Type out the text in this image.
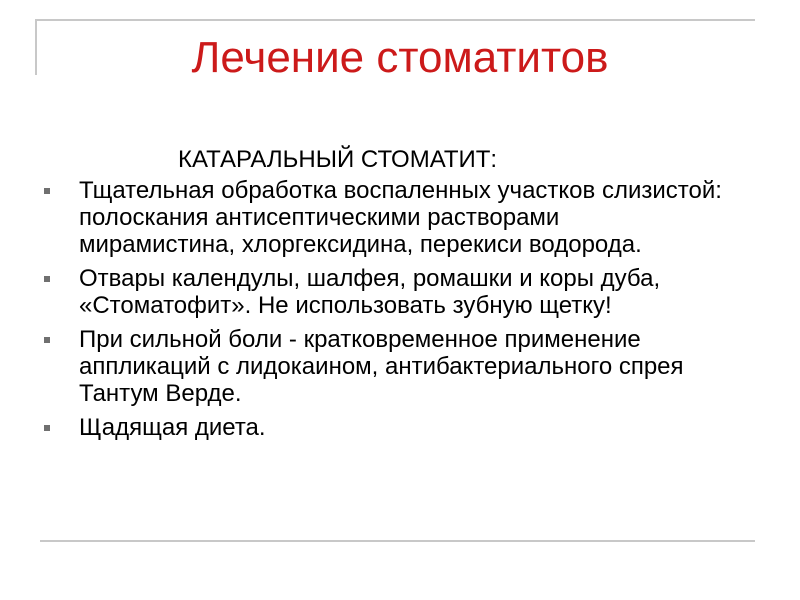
Лечение стоматитов

КАТАРАЛЬНЫЙ СТОМАТИТ:

Тщательная обработка воспаленных участков слизистой: полоскания антисептическими растворами мирамистина, хлоргексидина, перекиси водорода.
Отвары календулы, шалфея, ромашки и коры дуба, «Стоматофит». Не использовать зубную щетку!
При сильной боли - кратковременное применение аппликаций с лидокаином, антибактериального спрея Тантум Верде.
Щадящая диета.
